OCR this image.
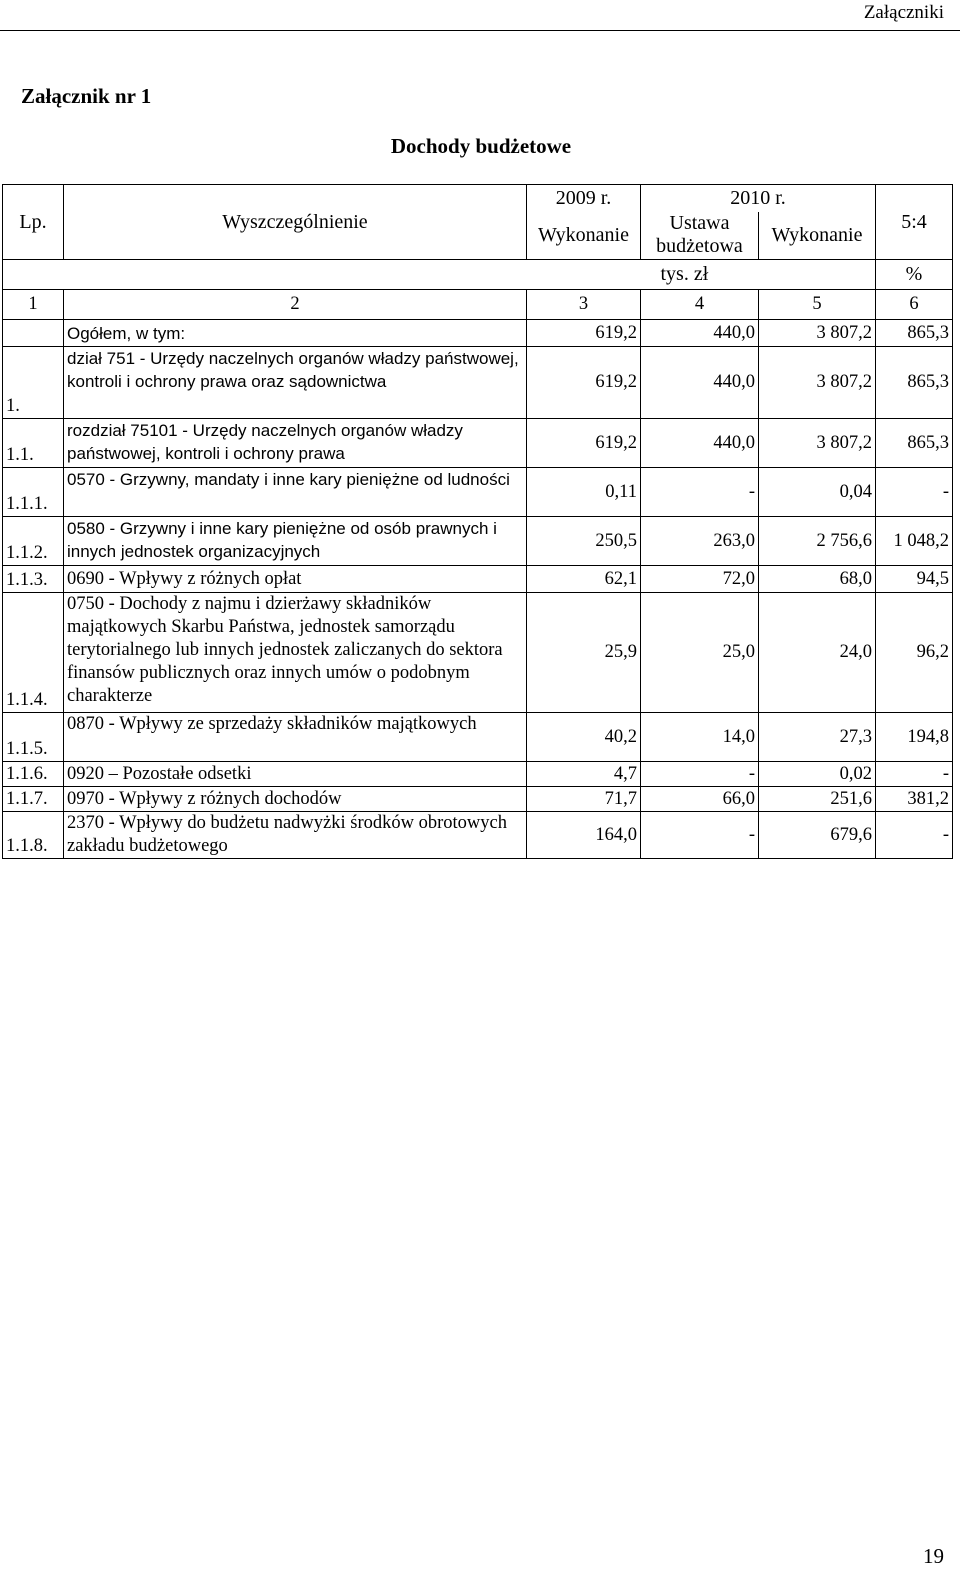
Załączniki
Załącznik nr 1
Dochody budżetowe
Lp.	Wyszczególnienie	2009 r.	2010 r.		5:4
		Wykonanie	Ustawa budżetowa	Wykonanie	

			tys. zł		%
1	2	3	4	5	6
	Ogółem, w tym:	619,2	440,0	3 807,2	865,3
1.	dział 751 - Urzędy naczelnych organów władzy państwowej, kontroli i ochrony prawa oraz sądownictwa	619,2	440,0	3 807,2	865,3
1.1.	rozdział 75101 - Urzędy naczelnych organów władzy państwowej, kontroli i ochrony prawa	619,2	440,0	3 807,2	865,3
1.1.1.	0570 - Grzywny, mandaty i inne kary pieniężne od ludności	0,11	-	0,04	-
1.1.2.	0580 - Grzywny i inne kary pieniężne od osób prawnych i innych jednostek organizacyjnych	250,5	263,0	2 756,6	1 048,2
1.1.3.	0690 - Wpływy z różnych opłat	62,1	72,0	68,0	94,5
1.1.4.	0750 - Dochody z najmu i dzierżawy składników majątkowych Skarbu Państwa, jednostek samorządu terytorialnego lub innych jednostek zaliczanych do sektora finansów publicznych oraz innych umów o podobnym charakterze	25,9	25,0	24,0	96,2
1.1.5.	0870 - Wpływy ze sprzedaży składników majątkowych	40,2	14,0	27,3	194,8
1.1.6.	0920 – Pozostałe odsetki	4,7	-	0,02	-
1.1.7.	0970 - Wpływy z różnych dochodów	71,7	66,0	251,6	381,2
1.1.8.	2370 - Wpływy do budżetu nadwyżki środków obrotowych zakładu budżetowego	164,0	-	679,6	-
19
